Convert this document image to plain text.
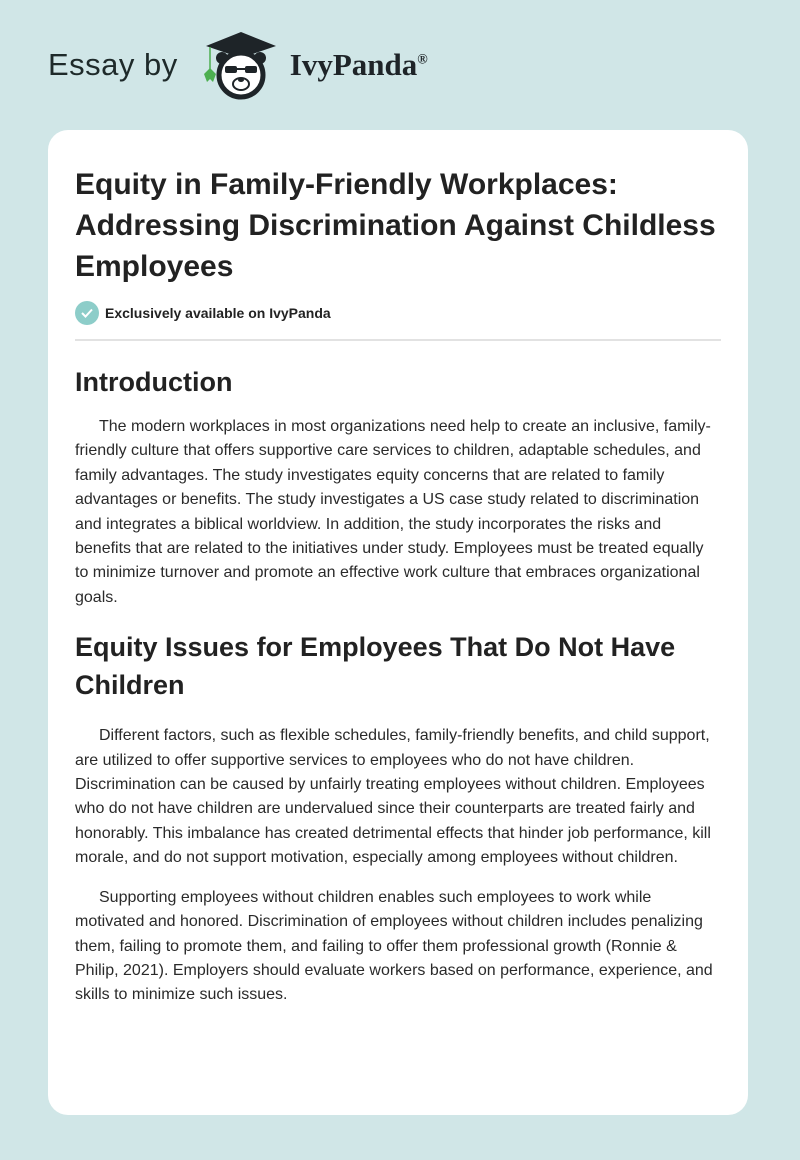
Essay by	IvyPanda®
Equity in Family-Friendly Workplaces: Addressing Discrimination Against Childless Employees
Exclusively available on IvyPanda
Introduction

The modern workplaces in most organizations need help to create an inclusive, family-friendly culture that offers supportive care services to children, adaptable schedules, and family advantages. The study investigates equity concerns that are related to family advantages or benefits. The study investigates a US case study related to discrimination and integrates a biblical worldview. In addition, the study incorporates the risks and benefits that are related to the initiatives under study. Employees must be treated equally to minimize turnover and promote an effective work culture that embraces organizational goals.

Equity Issues for Employees That Do Not Have Children

Different factors, such as flexible schedules, family-friendly benefits, and child support, are utilized to offer supportive services to employees who do not have children. Discrimination can be caused by unfairly treating employees without children. Employees who do not have children are undervalued since their counterparts are treated fairly and honorably. This imbalance has created detrimental effects that hinder job performance, kill morale, and do not support motivation, especially among employees without children.

Supporting employees without children enables such employees to work while motivated and honored. Discrimination of employees without children includes penalizing them, failing to promote them, and failing to offer them professional growth (Ronnie & Philip, 2021). Employers should evaluate workers based on performance, experience, and skills to minimize such issues.
